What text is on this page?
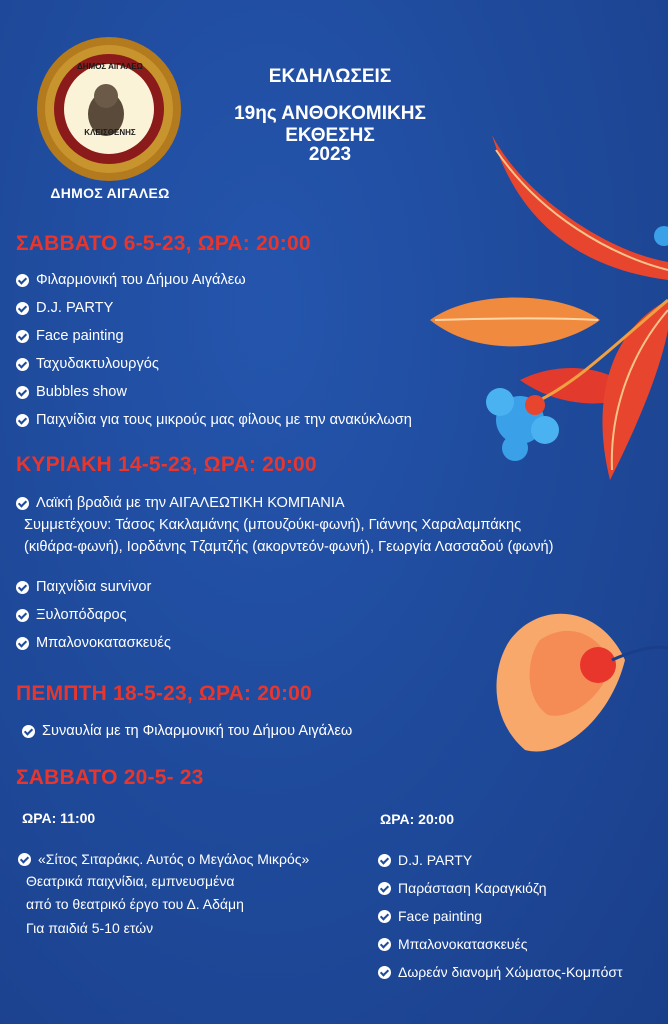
ΔΗΜΟΣ ΑΙΓΑΛΕΩ
ΚΛΕΙΣΘΕΝΗΣ
ΔΗΜΟΣ ΑΙΓΑΛΕΩ
ΕΚΔΗΛΩΣΕΙΣ
19ης ΑΝΘΟΚΟΜΙΚΗΣ ΕΚΘΕΣΗΣ
2023
ΣΑΒΒΑΤΟ 6-5-23, ΩΡΑ: 20:00
Φιλαρμονική του Δήμου Αιγάλεω
D.J. PARTY
Face painting
Ταχυδακτυλουργός
Bubbles show
Παιχνίδια για τους μικρούς μας φίλους με την ανακύκλωση
ΚΥΡΙΑΚΗ 14-5-23, ΩΡΑ: 20:00
Λαϊκή βραδιά με την ΑΙΓΑΛΕΩΤΙΚΗ ΚΟΜΠΑΝΙΑ
Συμμετέχουν: Τάσος Κακλαμάνης (μπουζούκι-φωνή), Γιάννης Χαραλαμπάκης
(κιθάρα-φωνή), Ιορδάνης Τζαμτζής (ακορντεόν-φωνή), Γεωργία Λασσαδού (φωνή)
Παιχνίδια survivor
Ξυλοπόδαρος
Μπαλονοκατασκευές
ΠΕΜΠΤΗ 18-5-23, ΩΡΑ: 20:00
Συναυλία με τη Φιλαρμονική του Δήμου Αιγάλεω
ΣΑΒΒΑΤΟ 20-5- 23
ΩΡΑ: 11:00
«Σίτος Σιταράκις. Αυτός ο Μεγάλος Μικρός»
Θεατρικά παιχνίδια, εμπνευσμένα
από το θεατρικό έργο του Δ. Αδάμη
Για παιδιά 5-10 ετών
ΩΡΑ: 20:00
D.J. PARTY
Παράσταση Καραγκιόζη
Face painting
Μπαλονοκατασκευές
Δωρεάν διανομή Χώματος-Κομπόστ
